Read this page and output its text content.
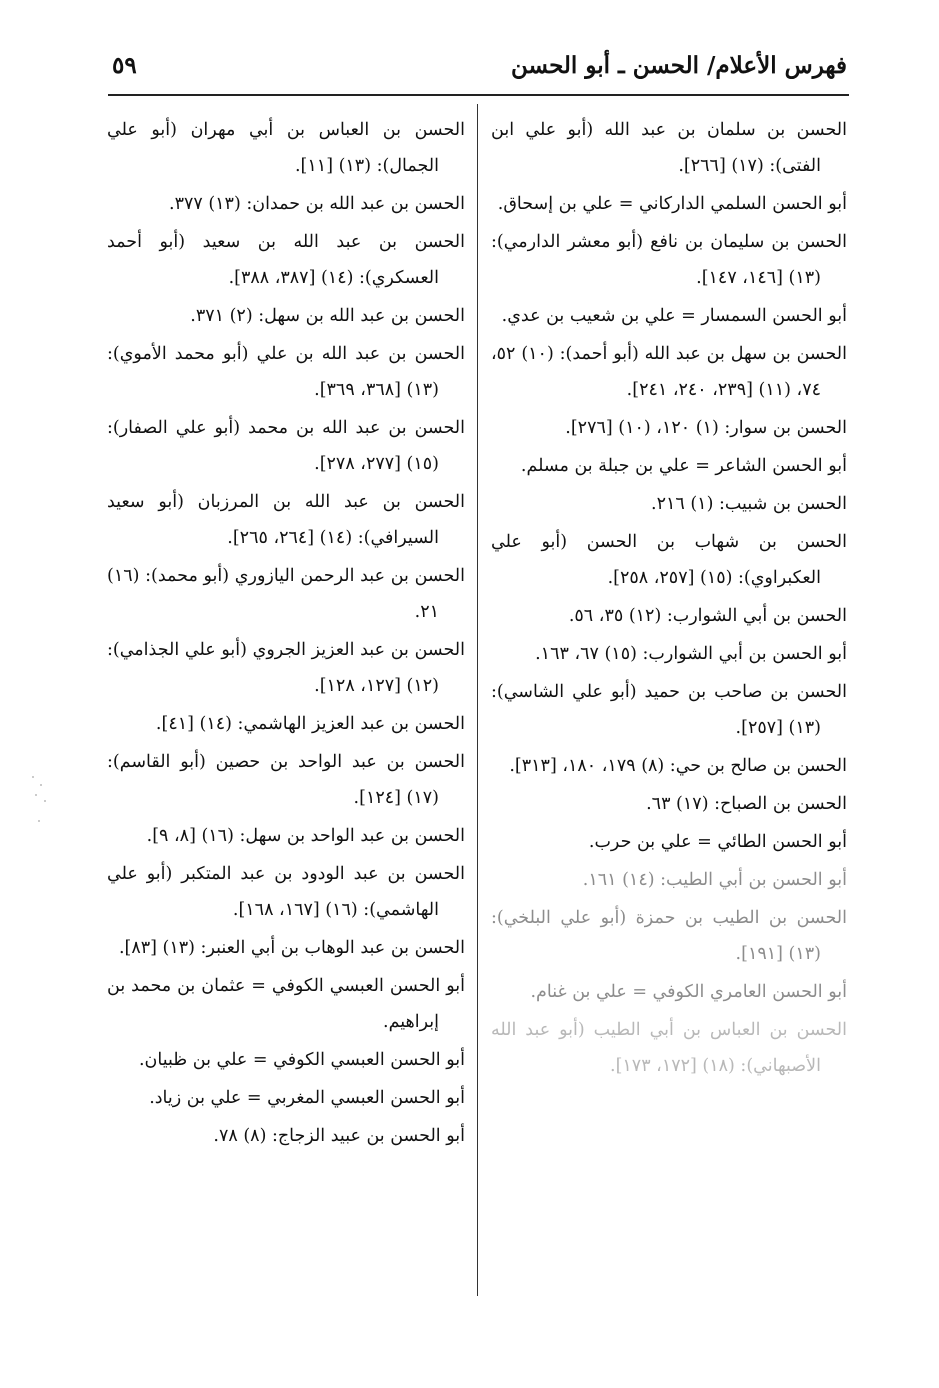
فهرس الأعلام/ الحسن ـ أبو الحسن
٥٩

الحسن بن سلمان بن عبد الله (أبو علي ابن الفتى): (١٧) [٢٦٦].

أبو الحسن السلمي الداركاني = علي بن إسحاق.

الحسن بن سليمان بن نافع (أبو معشر الدارمي): (١٣) [١٤٦، ١٤٧].

أبو الحسن السمسار = علي بن شعيب بن عدي.

الحسن بن سهل بن عبد الله (أبو أحمد): (١٠) ٥٢، ٧٤، (١١) [٢٣٩، ٢٤٠، ٢٤١].

الحسن بن سوار: (١) ١٢٠، (١٠) [٢٧٦].

أبو الحسن الشاعر = علي بن جبلة بن مسلم.

الحسن بن شبيب: (١) ٢١٦.

الحسن بن شهاب بن الحسن (أبو علي العكبراوي): (١٥) [٢٥٧، ٢٥٨].

الحسن بن أبي الشوارب: (١٢) ٣٥، ٥٦.

أبو الحسن بن أبي الشوارب: (١٥) ٦٧، ١٦٣.

الحسن بن صاحب بن حميد (أبو علي الشاسي): (١٣) [٢٥٧].

الحسن بن صالح بن حي: (٨) ١٧٩، ١٨٠، [٣١٣].

الحسن بن الصباح: (١٧) ٦٣.

أبو الحسن الطائي = علي بن حرب.

أبو الحسن بن أبي الطيب: (١٤) ١٦١.

الحسن بن الطيب بن حمزة (أبو علي البلخي): (١٣) [١٩١].

أبو الحسن العامري الكوفي = علي بن غنام.

الحسن بن العباس بن أبي الطيب (أبو عبد الله الأصبهاني): (١٨) [١٧٢، ١٧٣].

الحسن بن العباس بن أبي مهران (أبو علي الجمال): (١٣) [١١].

الحسن بن عبد الله بن حمدان: (١٣) ٣٧٧.

الحسن بن عبد الله بن سعيد (أبو أحمد العسكري): (١٤) [٣٨٧، ٣٨٨].

الحسن بن عبد الله بن سهل: (٢) ٣٧١.

الحسن بن عبد الله بن علي (أبو محمد الأموي): (١٣) [٣٦٨، ٣٦٩].

الحسن بن عبد الله بن محمد (أبو علي الصفار): (١٥) [٢٧٧، ٢٧٨].

الحسن بن عبد الله بن المرزبان (أبو سعيد السيرافي): (١٤) [٢٦٤، ٢٦٥].

الحسن بن عبد الرحمن اليازوري (أبو محمد): (١٦) ٢١.

الحسن بن عبد العزيز الجروي (أبو علي الجذامي): (١٢) [١٢٧، ١٢٨].

الحسن بن عبد العزيز الهاشمي: (١٤) [٤١].

الحسن بن عبد الواحد بن حصين (أبو القاسم): (١٧) [١٢٤].

الحسن بن عبد الواحد بن سهل: (١٦) [٨، ٩].

الحسن بن عبد الودود بن عبد المتكبر (أبو علي الهاشمي): (١٦) [١٦٧، ١٦٨].

الحسن بن عبد الوهاب بن أبي العنبر: (١٣) [٨٣].

أبو الحسن العبسي الكوفي = عثمان بن محمد بن إبراهيم.

أبو الحسن العبسي الكوفي = علي بن ظبيان.

أبو الحسن العبسي المغربي = علي بن زياد.

أبو الحسن بن عبيد الزجاج: (٨) ٧٨.
